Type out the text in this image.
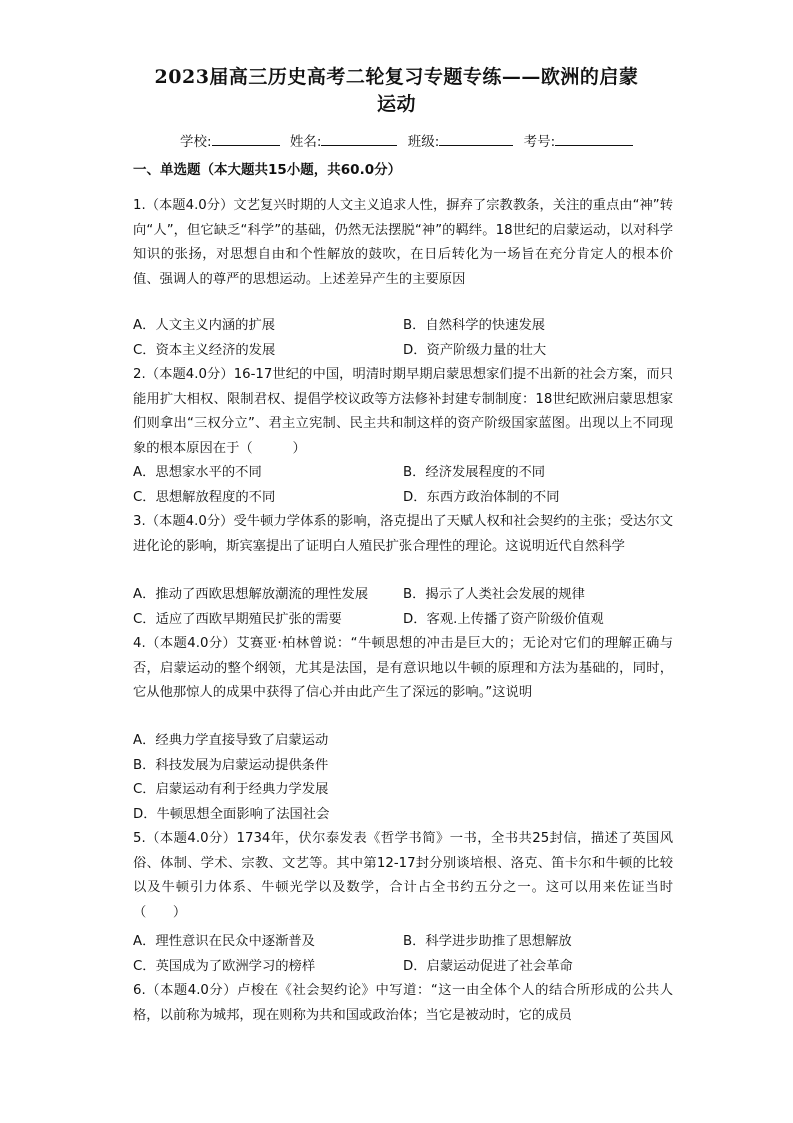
2023届高三历史高考二轮复习专题专练——欧洲的启蒙
运动
学校:	姓名:	班级:	考号:
一、单选题（本大题共15小题，共60.0分）
1.（本题4.0分）文艺复兴时期的人文主义追求人性，摒弃了宗教教条，关注的重点由“神”转向“人”，但它缺乏“科学”的基础，仍然无法摆脱“神”的羁绊。18世纪的启蒙运动，以对科学知识的张扬，对思想自由和个性解放的鼓吹，在日后转化为一场旨在充分肯定人的根本价值、强调人的尊严的思想运动。上述差异产生的主要原因
A．人文主义内涵的扩展	B．自然科学的快速发展
C．资本主义经济的发展	D．资产阶级力量的壮大
2.（本题4.0分）16-17世纪的中国，明清时期早期启蒙思想家们提不出新的社会方案，而只能用扩大相权、限制君权、提倡学校议政等方法修补封建专制制度：18世纪欧洲启蒙思想家们则拿出“三权分立”、君主立宪制、民主共和制这样的资产阶级国家蓝图。出现以上不同现象的根本原因在于（　　　）
A．思想家水平的不同	B．经济发展程度的不同
C．思想解放程度的不同	D．东西方政治体制的不同
3.（本题4.0分）受牛顿力学体系的影响，洛克提出了天赋人权和社会契约的主张；受达尔文进化论的影响，斯宾塞提出了证明白人殖民扩张合理性的理论。这说明近代自然科学
A．推动了西欧思想解放潮流的理性发展	B．揭示了人类社会发展的规律
C．适应了西欧早期殖民扩张的需要	D．客观.上传播了资产阶级价值观
4.（本题4.0分）艾赛亚·柏林曾说：“牛顿思想的冲击是巨大的；无论对它们的理解正确与否，启蒙运动的整个纲领，尤其是法国，是有意识地以牛顿的原理和方法为基础的，同时，它从他那惊人的成果中获得了信心并由此产生了深远的影响。”这说明
A．经典力学直接导致了启蒙运动
B．科技发展为启蒙运动提供条件
C．启蒙运动有利于经典力学发展
D．牛顿思想全面影响了法国社会
5.（本题4.0分）1734年，伏尔泰发表《哲学书简》一书，全书共25封信，描述了英国风俗、体制、学术、宗教、文艺等。其中第12-17封分别谈培根、洛克、笛卡尔和牛顿的比较以及牛顿引力体系、牛顿光学以及数学，合计占全书约五分之一。这可以用来佐证当时（　　）
A．理性意识在民众中逐渐普及	B．科学进步助推了思想解放
C．英国成为了欧洲学习的榜样	D．启蒙运动促进了社会革命
6.（本题4.0分）卢梭在《社会契约论》中写道：“这一由全体个人的结合所形成的公共人格，以前称为城邦，现在则称为共和国或政治体；当它是被动时，它的成员
